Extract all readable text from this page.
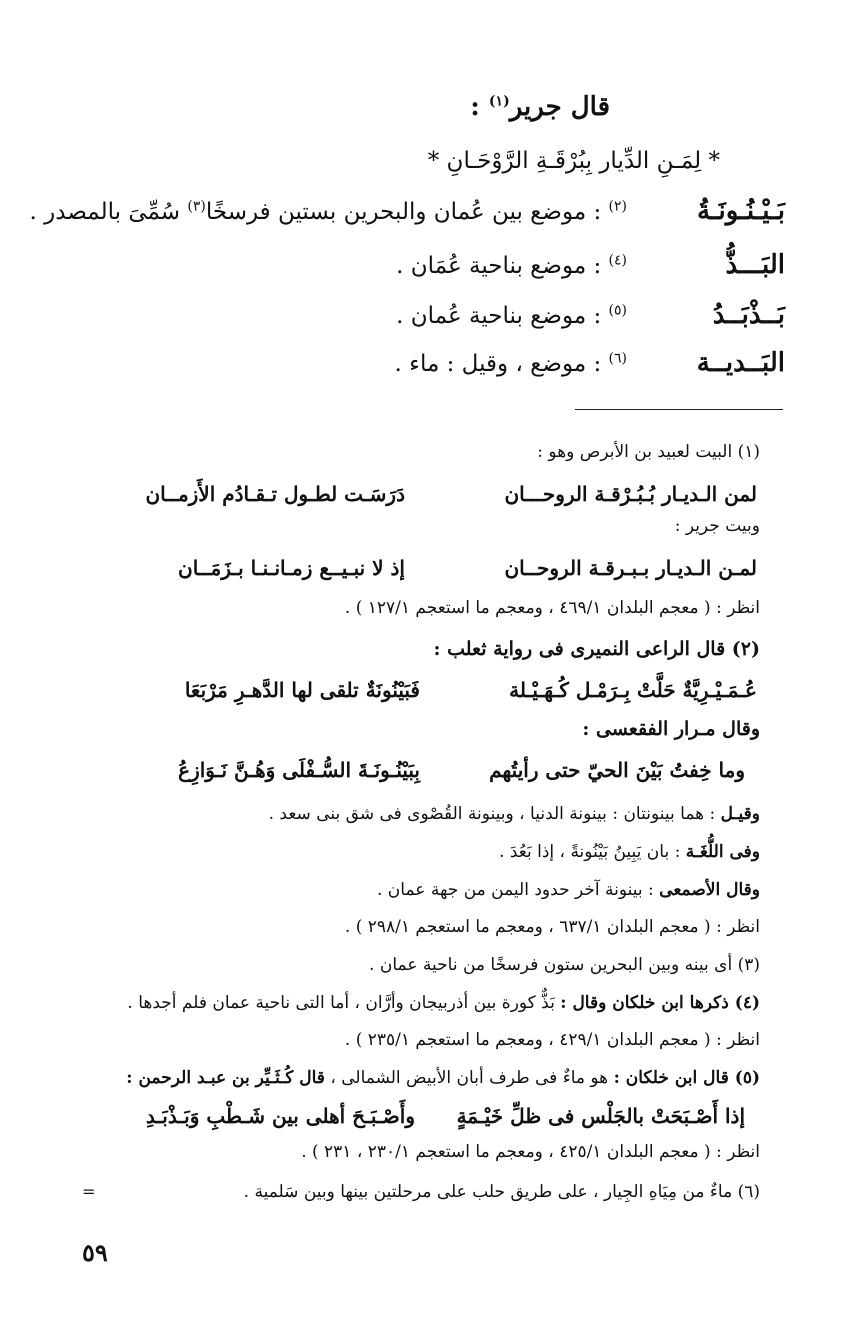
قال جرير$^{(١)}$ :
* لِمَـنِ الدِّيار بِبُرْقَـةِ الرَّوْحَـانِ *
بَـيْـنُـونَـةُ$^{(٢)}$ : موضع بين عُمان والبحرين بستين فرسخًا$^{(٣)}$ سُمِّىَ بالمصدر .
البَـــذُّ$^{(٤)}$ : موضع بناحية عُمَان .
بَــذْبَــدُ$^{(٥)}$ : موضع بناحية عُمان .
البَــديــة$^{(٦)}$ : موضع ، وقيل : ماء .
(١) البيت لعبيد بن الأبرص وهو :
لمن الـديـار بُـبُـرْقـة الروحـــان
دَرَسَـت لطـول تـقـادُم الأَزمــان
وبيت جرير :
لمـن الـديـار بـبـرقـة الروحــان
إذ لا نبـيــع زمـانـنـا بـزَمَــان
انظر : ( معجم البلدان ٤٦٩/١ ، ومعجم ما استعجم ١٢٧/١ ) .
(٢) قال الراعى النميرى فى رواية ثعلب :
عُـمَـيْـرِيَّةٌ حَلَّتْ بِـرَمْـل كُـهَـيْـلة
فَبَيْنُونَةٌ تلقى لها الدَّهـرِ مَرْبَعَا
وقال مـرار الفقعسى :
وما خِفتُ بَيْنَ الحيّ حتى رأيتُهم
بِبَيْنُـونَـةَ السُّـفْلَى وَهُـنَّ نَـوَازِعُ
وقيـل : هما بينونتان : بينونة الدنيا ، وبينونة القُصْوى فى شق بنى سعد .
وفى اللُّغَـة : بان يَبِينُ بَيْنُونةً ، إذا بَعُدَ .
وقال الأصمعى : بينونة آخر حدود اليمن من جهة عمان .
انظر : ( معجم البلدان ٦٣٧/١ ، ومعجم ما استعجم ٢٩٨/١ ) .
(٣) أى بينه وبين البحرين ستون فرسخًا من ناحية عمان .
(٤) ذكرها ابن خلكان وقال : بَذٌّ كورة بين أذربيجان وأرَّان ، أما التى ناحية عمان فلم أجدها .
انظر : ( معجم البلدان ٤٢٩/١ ، ومعجم ما استعجم ٢٣٥/١ ) .
(٥) قال ابن خلكان : هو ماءٌ فى طرف أبان الأبيض الشمالى ، قال كُـثَـيِّر بن عبـد الرحمن :
إذا أَصْـبَحَتْ بالجَلْس فى ظلِّ خَيْـمَةٍ
وأَصْـبَـحَ أهلى بين شَـطْبِ وَبَـذْبَـدِ
انظر : ( معجم البلدان ٤٢٥/١ ، ومعجم ما استعجم ٢٣٠/١ ، ٢٣١ ) .
(٦) ماءٌ من مِيَاهِ الجِيار ، على طريق حلب على مرحلتين بينها وبين سَلمية .
=
٥٩
